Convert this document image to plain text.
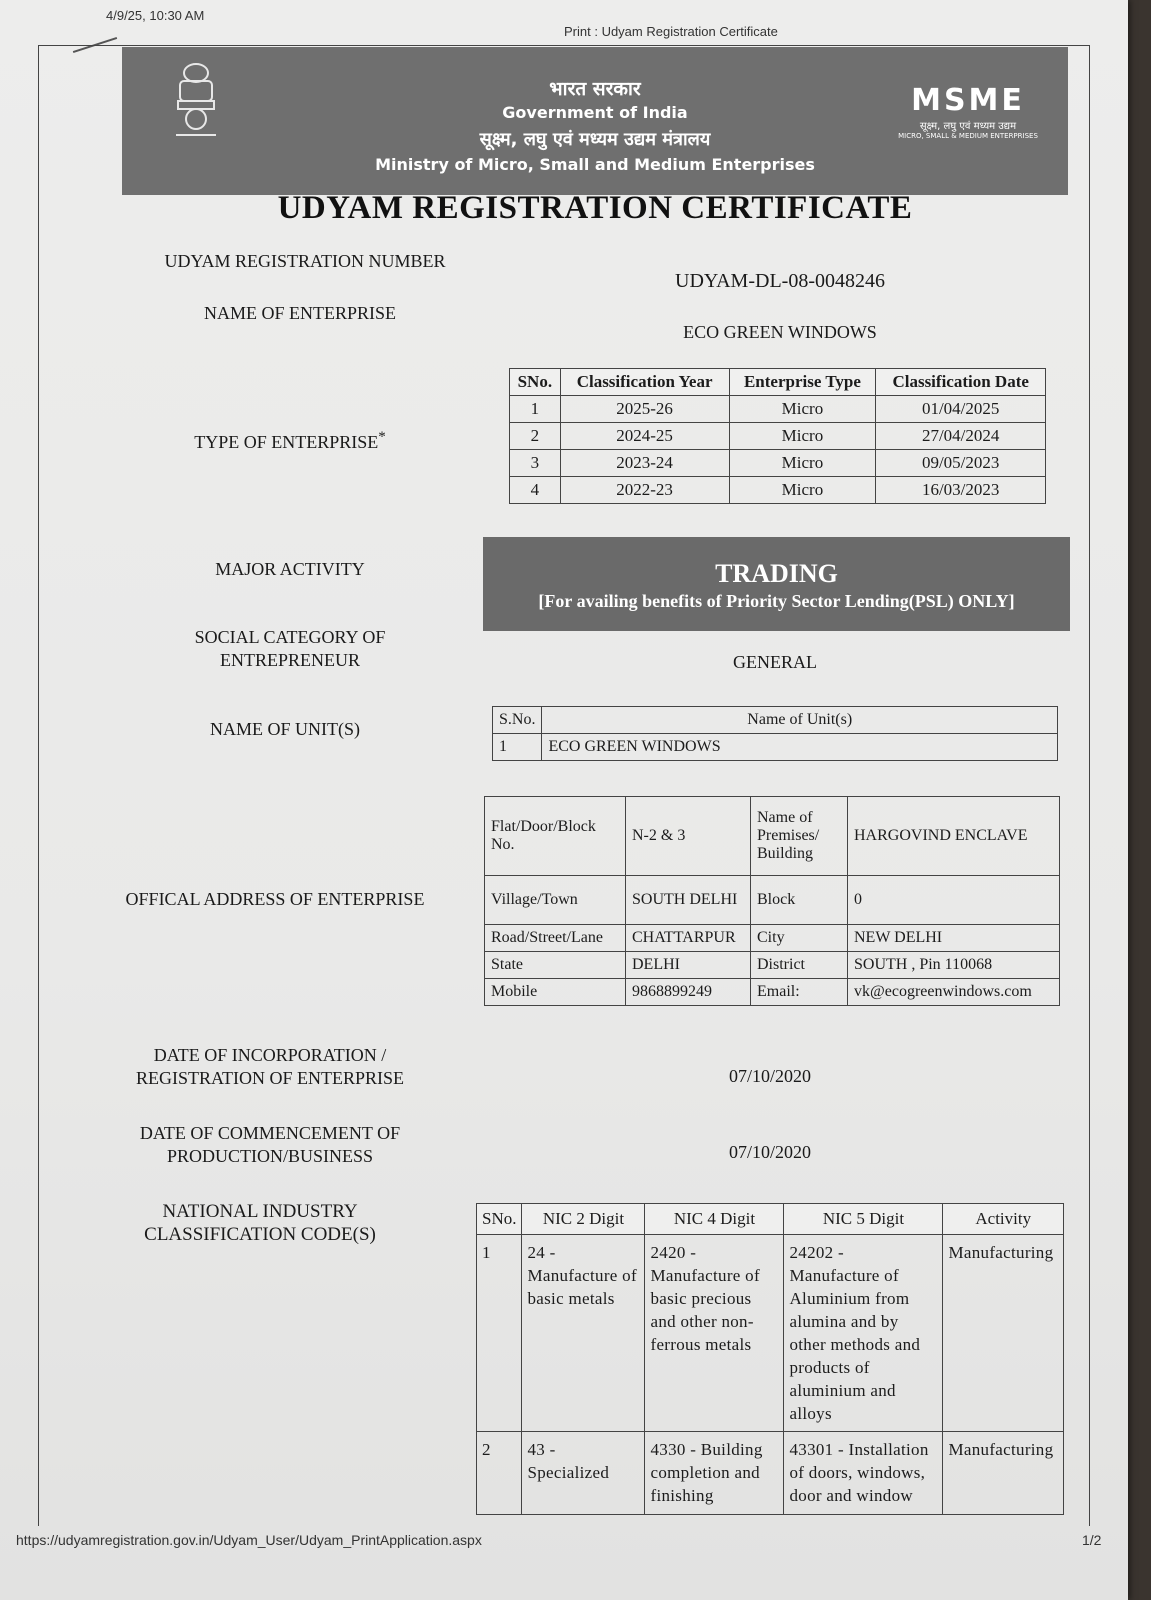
4/9/25, 10:30 AM
Print : Udyam Registration Certificate
भारत सरकार
Government of India
सूक्ष्म, लघु एवं मध्यम उद्यम मंत्रालय
Ministry of Micro, Small and Medium Enterprises
MSME
सूक्ष्म, लघु एवं मध्यम उद्यम
MICRO, SMALL & MEDIUM ENTERPRISES
UDYAM REGISTRATION CERTIFICATE
UDYAM REGISTRATION NUMBER
UDYAM-DL-08-0048246
NAME OF ENTERPRISE
ECO GREEN WINDOWS
TYPE OF ENTERPRISE*
SNo.	Classification Year	Enterprise Type	Classification Date
1	2025-26	Micro	01/04/2025
2	2024-25	Micro	27/04/2024
3	2023-24	Micro	09/05/2023
4	2022-23	Micro	16/03/2023
MAJOR ACTIVITY	TRADING
[For availing benefits of Priority Sector Lending(PSL) ONLY]
SOCIAL CATEGORY OF
ENTREPRENEUR	GENERAL
NAME OF UNIT(S)	S.No.	Name of Unit(s)
1	ECO GREEN WINDOWS
OFFICAL ADDRESS OF ENTERPRISE
Flat/Door/Block No.	N-2 & 3	Name of Premises/ Building	HARGOVIND ENCLAVE
Village/Town	SOUTH DELHI	Block	0
Road/Street/Lane	CHATTARPUR	City	NEW DELHI
State	DELHI	District	SOUTH , Pin 110068
Mobile	9868899249	Email:	vk@ecogreenwindows.com
DATE OF INCORPORATION /
REGISTRATION OF ENTERPRISE	07/10/2020
DATE OF COMMENCEMENT OF
PRODUCTION/BUSINESS	07/10/2020
NATIONAL INDUSTRY
CLASSIFICATION CODE(S)
SNo.	NIC 2 Digit	NIC 4 Digit	NIC 5 Digit	Activity
1	24 - Manufacture of basic metals	2420 - Manufacture of basic precious and other non-ferrous metals	24202 - Manufacture of Aluminium from alumina and by other methods and products of aluminium and alloys	Manufacturing
2	43 - Specialized	4330 - Building completion and finishing	43301 - Installation of doors, windows, door and window	Manufacturing
https://udyamregistration.gov.in/Udyam_User/Udyam_PrintApplication.aspx	1/2
